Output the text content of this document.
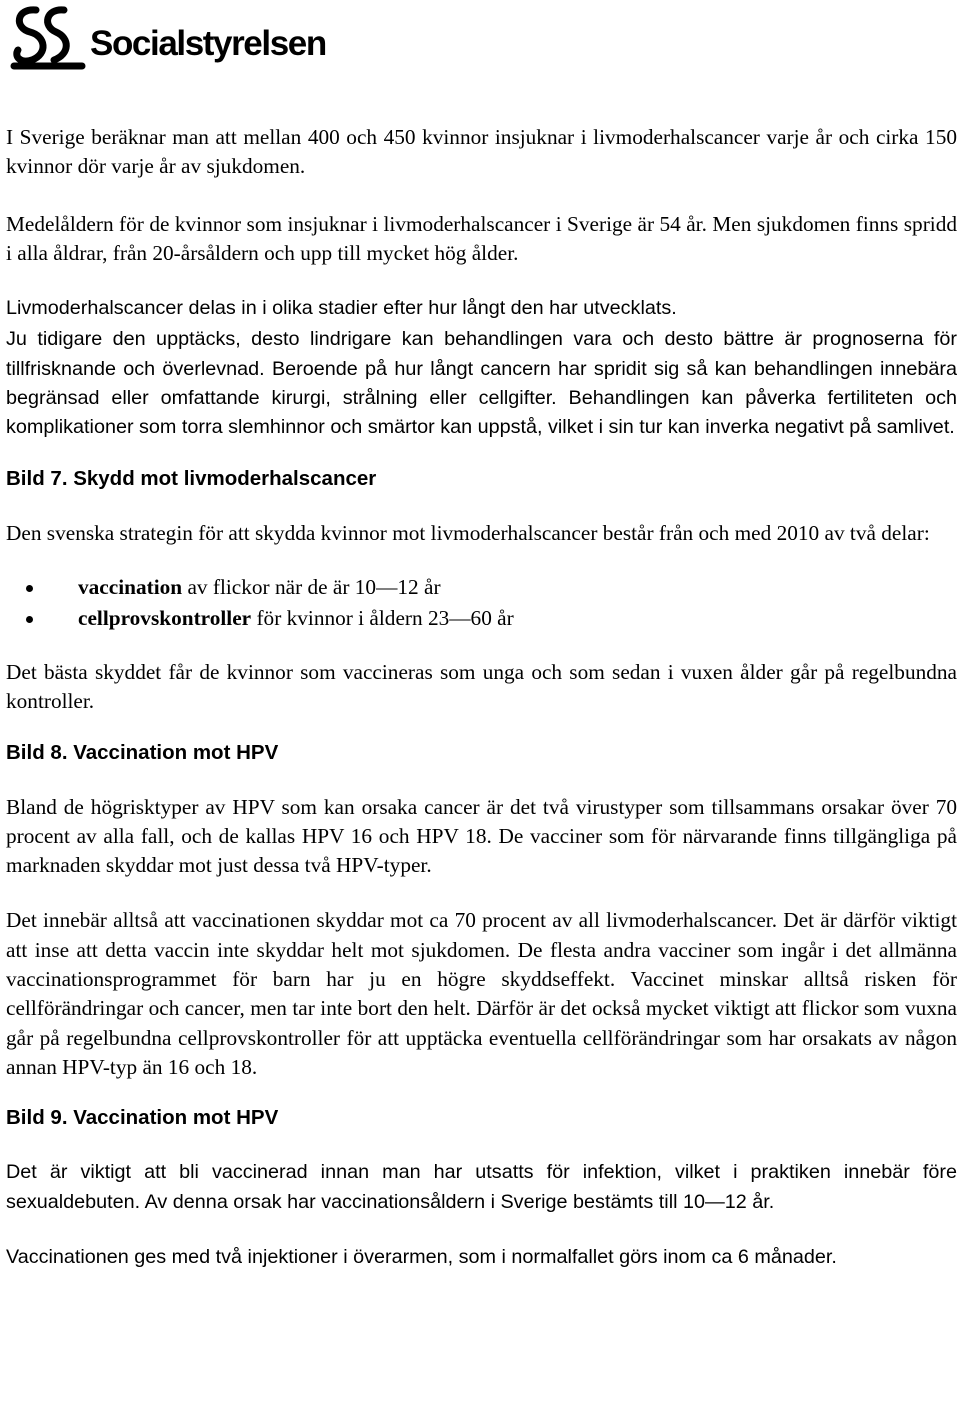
Socialstyrelsen

I Sverige beräknar man att mellan 400 och 450 kvinnor insjuknar i livmoderhalscancer varje år och cirka 150 kvinnor dör varje år av sjukdomen.

Medelåldern för de kvinnor som insjuknar i livmoderhalscancer i Sverige är 54 år. Men sjukdomen finns spridd i alla åldrar, från 20-årsåldern och upp till mycket hög ålder.

Livmoderhalscancer delas in i olika stadier efter hur långt den har utvecklats.

Ju tidigare den upptäcks, desto lindrigare kan behandlingen vara och desto bättre är prognoserna för tillfrisknande och överlevnad. Beroende på hur långt cancern har spridit sig så kan behandlingen innebära begränsad eller omfattande kirurgi, strålning eller cellgifter. Behandlingen kan påverka fertiliteten och komplikationer som torra slemhinnor och smärtor kan uppstå, vilket i sin tur kan inverka negativt på samlivet.

Bild 7. Skydd mot livmoderhalscancer

Den svenska strategin för att skydda kvinnor mot livmoderhalscancer består från och med 2010 av två delar:

vaccination av flickor när de är 10—12 år
cellprovskontroller för kvinnor i åldern 23—60 år

Det bästa skyddet får de kvinnor som vaccineras som unga och som sedan i vuxen ålder går på regelbundna kontroller.

Bild 8. Vaccination mot HPV

Bland de högrisktyper av HPV som kan orsaka cancer är det två virustyper som tillsammans orsakar över 70 procent av alla fall, och de kallas HPV 16 och HPV 18. De vacciner som för närvarande finns tillgängliga på marknaden skyddar mot just dessa två HPV-typer.

Det innebär alltså att vaccinationen skyddar mot ca 70 procent av all livmoderhalscancer. Det är därför viktigt att inse att detta vaccin inte skyddar helt mot sjukdomen. De flesta andra vacciner som ingår i det allmänna vaccinationsprogrammet för barn har ju en högre skyddseffekt. Vaccinet minskar alltså risken för cellförändringar och cancer, men tar inte bort den helt. Därför är det också mycket viktigt att flickor som vuxna går på regelbundna cellprovskontroller för att upptäcka eventuella cellförändringar som har orsakats av någon annan HPV-typ än 16 och 18.

Bild 9. Vaccination mot HPV

Det är viktigt att bli vaccinerad innan man har utsatts för infektion, vilket i praktiken innebär före sexualdebuten. Av denna orsak har vaccinationsåldern i Sverige bestämts till 10—12 år.

Vaccinationen ges med två injektioner i överarmen, som i normalfallet görs inom ca 6 månader.
